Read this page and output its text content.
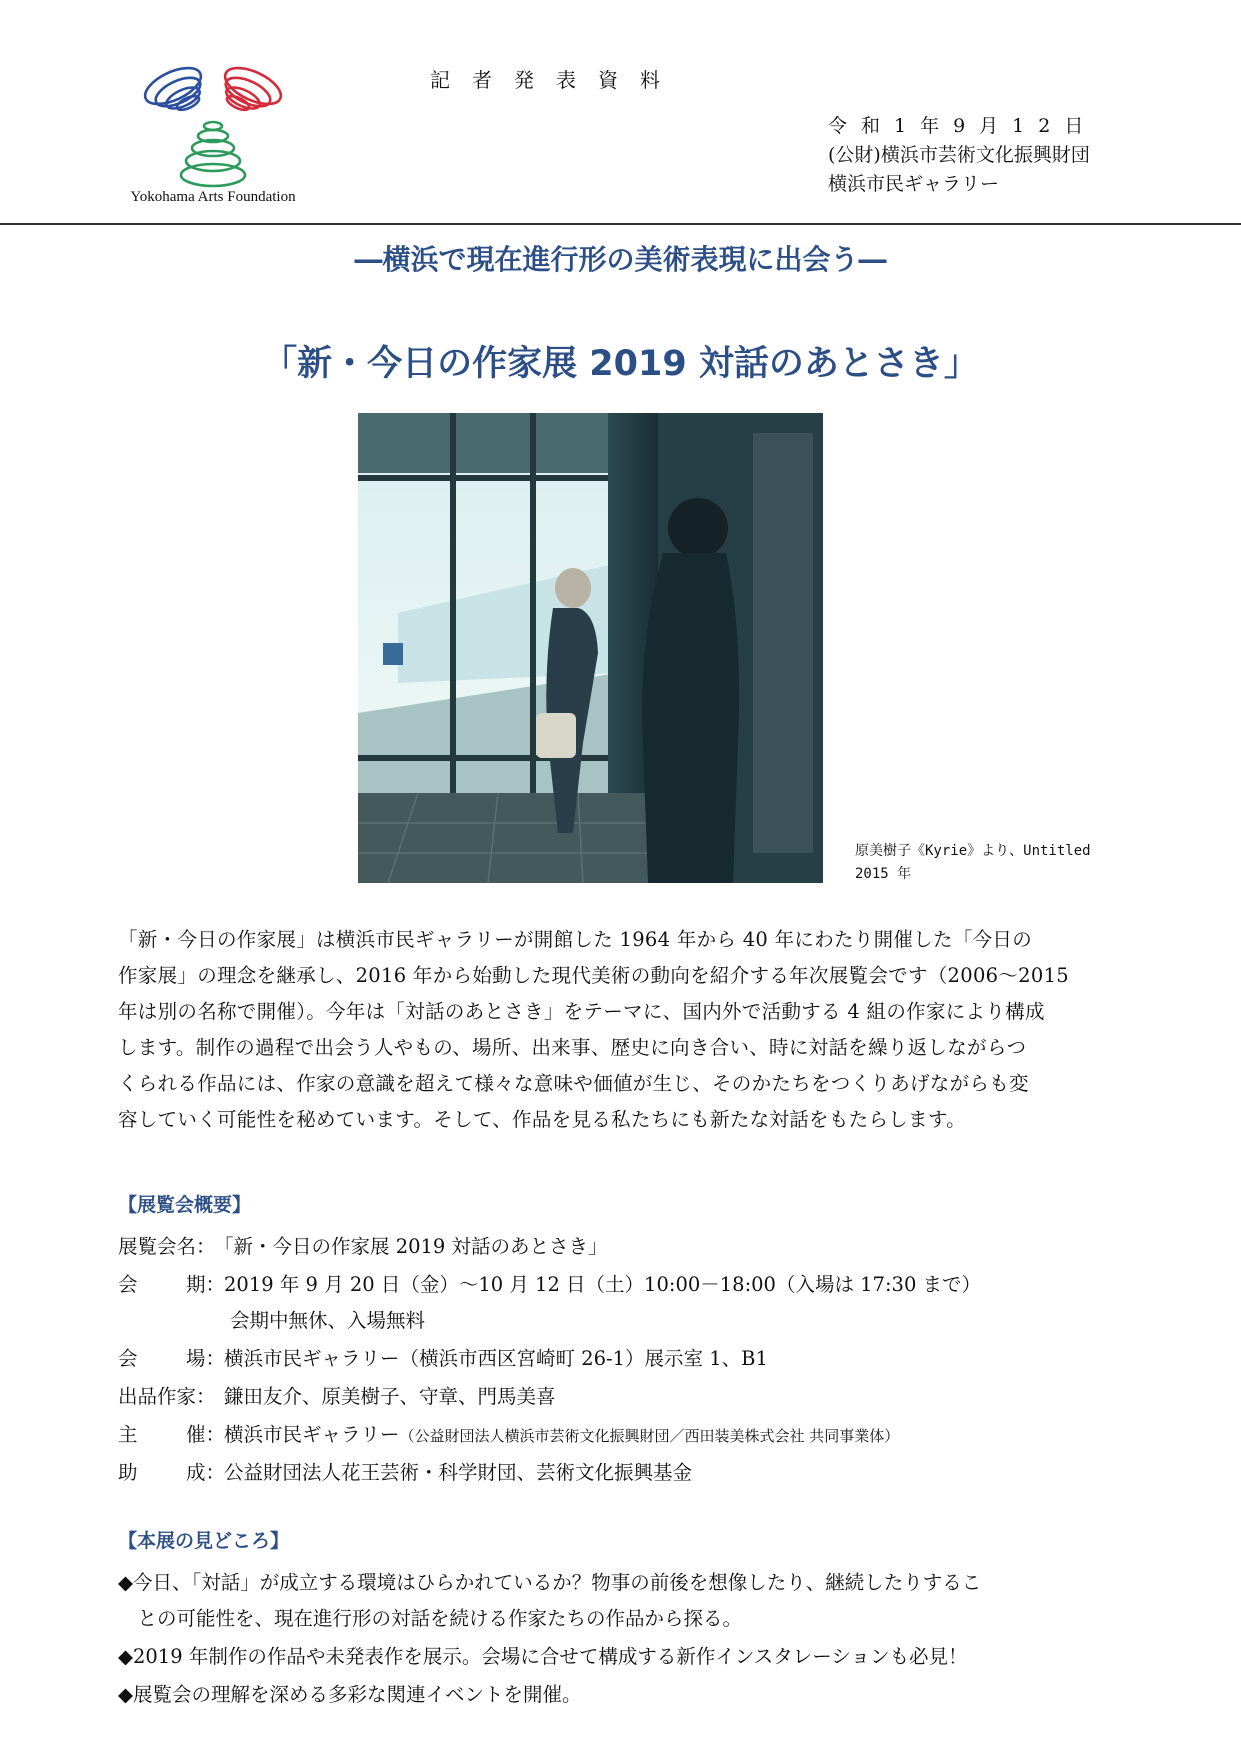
Yokohama Arts Foundation
記者発表資料
令和1年9月12日
(公財)横浜市芸術文化振興財団
横浜市民ギャラリー
―横浜で現在進行形の美術表現に出会う―
「新・今日の作家展 2019 対話のあとさき」
原美樹子《Kyrie》より、Untitled
2015 年

「新・今日の作家展」は横浜市民ギャラリーが開館した 1964 年から 40 年にわたり開催した「今日の

作家展」の理念を継承し、2016 年から始動した現代美術の動向を紹介する年次展覧会です（2006～2015

年は別の名称で開催）。今年は「対話のあとさき」をテーマに、国内外で活動する 4 組の作家により構成

します。制作の過程で出会う人やもの、場所、出来事、歴史に向き合い、時に対話を繰り返しながらつ

くられる作品には、作家の意識を超えて様々な意味や価値が生じ、そのかたちをつくりあげながらも変

容していく可能性を秘めています。そして、作品を見る私たちにも新たな対話をもたらします。

【展覧会概要】
展覧会名：「新・今日の作家展 2019 対話のあとさき」
会 期：2019 年 9 月 20 日（金）～10 月 12 日（土）10:00－18:00（入場は 17:30 まで）
会期中無休、入場無料
会 場：横浜市民ギャラリー（横浜市西区宮崎町 26-1）展示室 1、B1
出品作家： 鎌田友介、原美樹子、守章、門馬美喜
主 催：横浜市民ギャラリー（公益財団法人横浜市芸術文化振興財団／西田装美株式会社 共同事業体）
助 成：公益財団法人花王芸術・科学財団、芸術文化振興基金
【本展の見どころ】
◆今日、「対話」が成立する環境はひらかれているか？物事の前後を想像したり、継続したりするこ
　との可能性を、現在進行形の対話を続ける作家たちの作品から探る。
◆2019 年制作の作品や未発表作を展示。会場に合せて構成する新作インスタレーションも必見！
◆展覧会の理解を深める多彩な関連イベントを開催。
